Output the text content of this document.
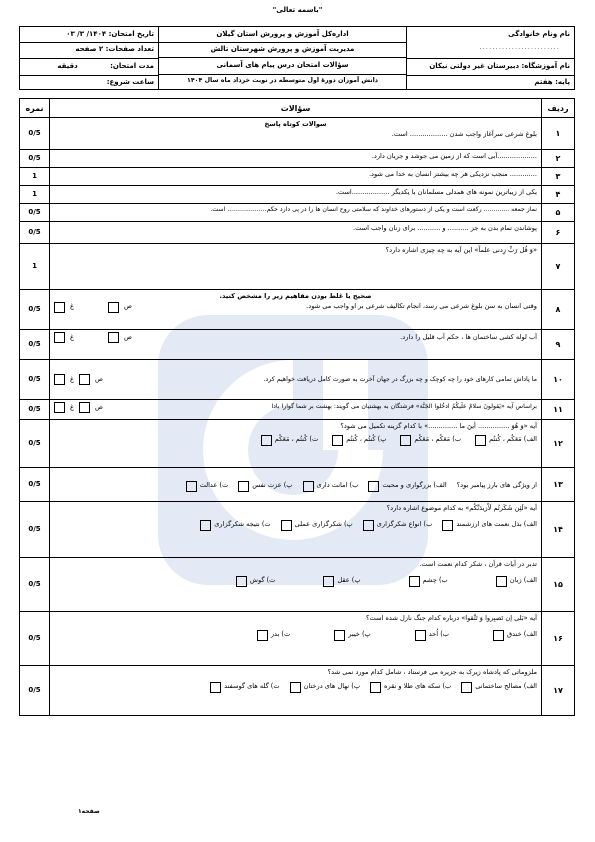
"باسمه تعالی"
نام ونام خانوادگی
.........................
نام آموزشگاه: دبیرستان غیر دولتی نیکان
پایه: هفتم
اداره‌کل آموزش و پرورش استان گیلان
مدیریت آموزش و پرورش شهرستان تالش
سؤالات امتحان درس پیام های آسمانی
دانش آموزان دورۀ اول متوسطه در نوبت خرداد ماه سال ۱۴۰۴
تاریخ امتحان: ۱۴۰۴/ ۳/ ۰۳
تعداد صفحات: ۲ صفحه
مدت امتحان: دقیقه
ساعت شروع:
ردیف	سؤالات	نمره
۱	سوالات کوتاه پاسخ
بلوغ شرعی سرآغاز واجب شدن .................. است.	0/5
۲	...................آبی است که از زمین می جوشد و جریان دارد.	0/5
۳	............. منجب نزدیکی هر چه بیشتر انسان به خدا می شود.	1
۴	یکی از زیباترین نمونه های همدلی مسلمانان با یکدیگر ..................است.	1
۵	نماز جمعه ............. رکعت است و یکی از دستورهای خداوند که سلامتی روح انسان ها را در پی دارد حکم.................... است.	0/5
۶	پوشاندن تمام بدن به جز .......... و ........... برای زنان واجب است.	0/5
۷	«وَ قُل رَبِّ زِدنی علماً» این آیه به چه چیزی اشاره دارد؟	1
۸	صحیح یا غلط بودن مفاهیم زیر را مشخص کنید.
وقتی انسان به سن بلوغ شرعی می رسد، انجام تکالیف شرعی بر او واجب می شود.
ص
غ	0/5
۹	آب لوله کشی ساختمان ها ، حکم آب قلیل را دارد.
ص
غ	0/5
۱۰	ما پاداش تمامی کارهای خود را چه کوچک و چه بزرگ در جهان آخرت به صورت کامل دریافت خواهیم کرد.
ص
غ	0/5
۱۱	براساس آیه «یَقولونَ سلامٌ علَیکُمُ ادخُلوا الجَنَّة» فرشتگان به بهشتیان می گویند: بهشت بر شما گوارا بادا
ص
غ	0/5
۱۲	آیه «وَ هُوَ ............... أینَ ما ..............» با کدام گزینه تکمیل می شود؟
الف) مَعَکُم ، کُنتُم
ب) مَعَکُم ، مَعَکُم
پ) کُنتُم ، کُنتُم
ت) کُنتُم ، مَعَکُم	0/5
۱۳	از ویژگی های بارز پیامبر بود؟
الف) بزرگواری و محبت
ب) امانت داری
پ) عزت نفس
ت) عدالت	0/5
۱۴	آیه «لَئِن شَکَرتُم لَأَزیدَنَّکُم» به کدام موضوع اشاره دارد؟
الف) بذل نعمت های ارزشمند
ب) انواع شکرگزاری
پ) شکرگزاری عملی
ت) نتیجه شکرگزاری	0/5
۱۵	تدبر در آیات قرآن ، شکر کدام نعمت است.
الف) زبان
ب) چشم
پ) عقل
ت) گوش	0/5
۱۶	آیه «بَلی إن تَصبِروا وَ تَتَّقوا» درباره کدام جنگ نازل شده است؟
الف) خندق
ب) اُحد
پ) خیبر
ت) بدر	0/5
۱۷	ملزوماتی که پادشاه زیرک به جزیره می فرستاد ، شامل کدام مورد نمی شد؟
الف) مصالح ساختمانی
ب) سکه های طلا و نقره
پ) نهال های درختان
ت) گله های گوسفند	0/5
صفحه۱
